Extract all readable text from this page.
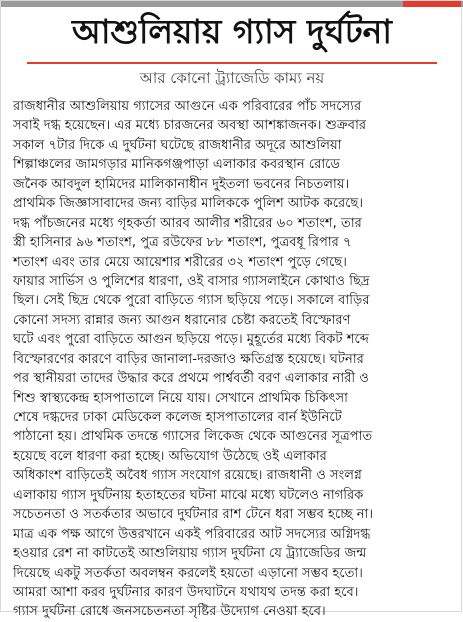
আশুলিয়ায় গ্যাস দুর্ঘটনা
আর কোনো ট্র্যাজেডি কাম্য নয়
রাজধানীর আশুলিয়ায় গ্যাসের আগুনে এক পরিবারের পাঁচ সদস্যের
সবাই দগ্ধ হয়েছেন। এর মধ্যে চারজনের অবস্থা আশঙ্কাজনক। শুক্রবার
সকাল ৭টার দিকে এ দুর্ঘটনা ঘটেছে রাজধানীর অদূরে আশুলিয়া
শিল্পাঞ্চলের জামগড়ার মানিকগঞ্জপাড়া এলাকার কবরস্থান রোডে
জনৈক আবদুল হামিদের মালিকানাধীন দুইতলা ভবনের নিচতলায়।
প্রাথমিক জিজ্ঞাসাবাদের জন্য বাড়ির মালিককে পুলিশ আটক করেছে।
দগ্ধ পাঁচজনের মধ্যে গৃহকর্তা আরব আলীর শরীরের ৬০ শতাংশ, তার
স্ত্রী হাসিনার ৯৬ শতাংশ, পুত্র রউফের ৮৮ শতাংশ, পুত্রবধূ রিপার ৭
শতাংশ এবং তার মেয়ে আয়েশার শরীরের ৩২ শতাংশ পুড়ে গেছে।
ফায়ার সার্ভিস ও পুলিশের ধারণা, ওই বাসার গ্যাসলাইনে কোথাও ছিদ্র
ছিল। সেই ছিদ্র থেকে পুরো বাড়িতে গ্যাস ছড়িয়ে পড়ে। সকালে বাড়ির
কোনো সদস্য রান্নার জন্য আগুন ধরানোর চেষ্টা করতেই বিস্ফোরণ
ঘটে এবং পুরো বাড়িতে আগুন ছড়িয়ে পড়ে। মুহূর্তের মধ্যে বিকট শব্দে
বিস্ফোরণের কারণে বাড়ির জানালা-দরজাও ক্ষতিগ্রস্ত হয়েছে। ঘটনার
পর স্থানীয়রা তাদের উদ্ধার করে প্রথমে পার্শ্ববর্তী বরণ এলাকার নারী ও
শিশু স্বাস্থ্যকেন্দ্র হাসপাতালে নিয়ে যায়। সেখানে প্রাথমিক চিকিৎসা
শেষে দগ্ধদের ঢাকা মেডিকেল কলেজ হাসপাতালের বার্ন ইউনিটে
পাঠানো হয়। প্রাথমিক তদন্তে গ্যাসের লিকেজ থেকে আগুনের সূত্রপাত
হয়েছে বলে ধারণা করা হচ্ছে। অভিযোগ উঠেছে ওই এলাকার
অধিকাংশ বাড়িতেই অবৈধ গ্যাস সংযোগ রয়েছে। রাজধানী ও সংলগ্ন
এলাকায় গ্যাস দুর্ঘটনায় হতাহতের ঘটনা মাঝে মধ্যে ঘটলেও নাগরিক
সচেতনতা ও সতর্কতার অভাবে দুর্ঘটনার রাশ টেনে ধরা সম্ভব হচ্ছে না।
মাত্র এক পক্ষ আগে উত্তরখানে একই পরিবারের আট সদস্যের অগ্নিদগ্ধ
হওয়ার রেশ না কাটতেই আশুলিয়ায় গ্যাস দুর্ঘটনা যে ট্র্যাজেডির জন্ম
দিয়েছে একটু সতর্কতা অবলম্বন করলেই হয়তো এড়ানো সম্ভব হতো।
আমরা আশা করব দুর্ঘটনার কারণ উদঘাটনে যথাযথ তদন্ত করা হবে।
গ্যাস দুর্ঘটনা রোধে জনসচেতনতা সৃষ্টির উদ্যোগ নেওয়া হবে।
